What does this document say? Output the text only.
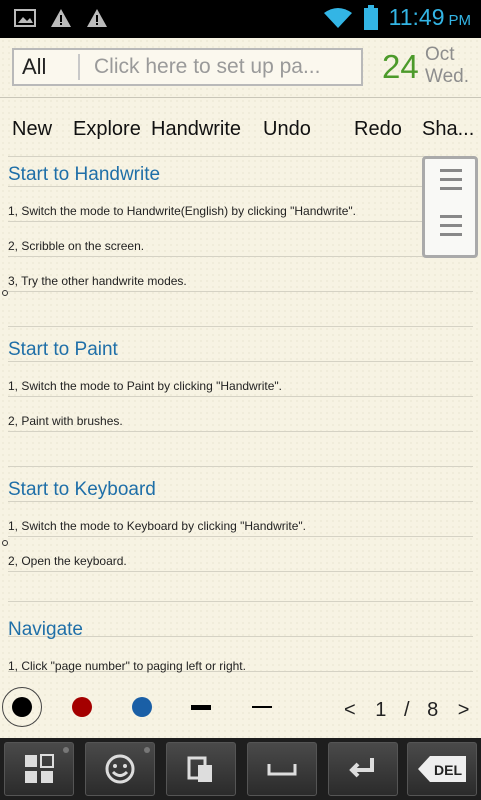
11:49 PM
All	Click here to set up pa... 24 Oct
Wed.
New Explore Handwrite Undo Redo Sha...
Start to Handwrite
1, Switch the mode to Handwrite(English) by clicking "Handwrite".
2, Scribble on the screen.
3, Try the other handwrite modes.
Start to Paint
1, Switch the mode to Paint by clicking "Handwrite".
2, Paint with brushes.
Start to Keyboard
1, Switch the mode to Keyboard by clicking "Handwrite".
2, Open the keyboard.
Navigate
1, Click "page number" to paging left or right.
< 1 / 8 >
DEL
